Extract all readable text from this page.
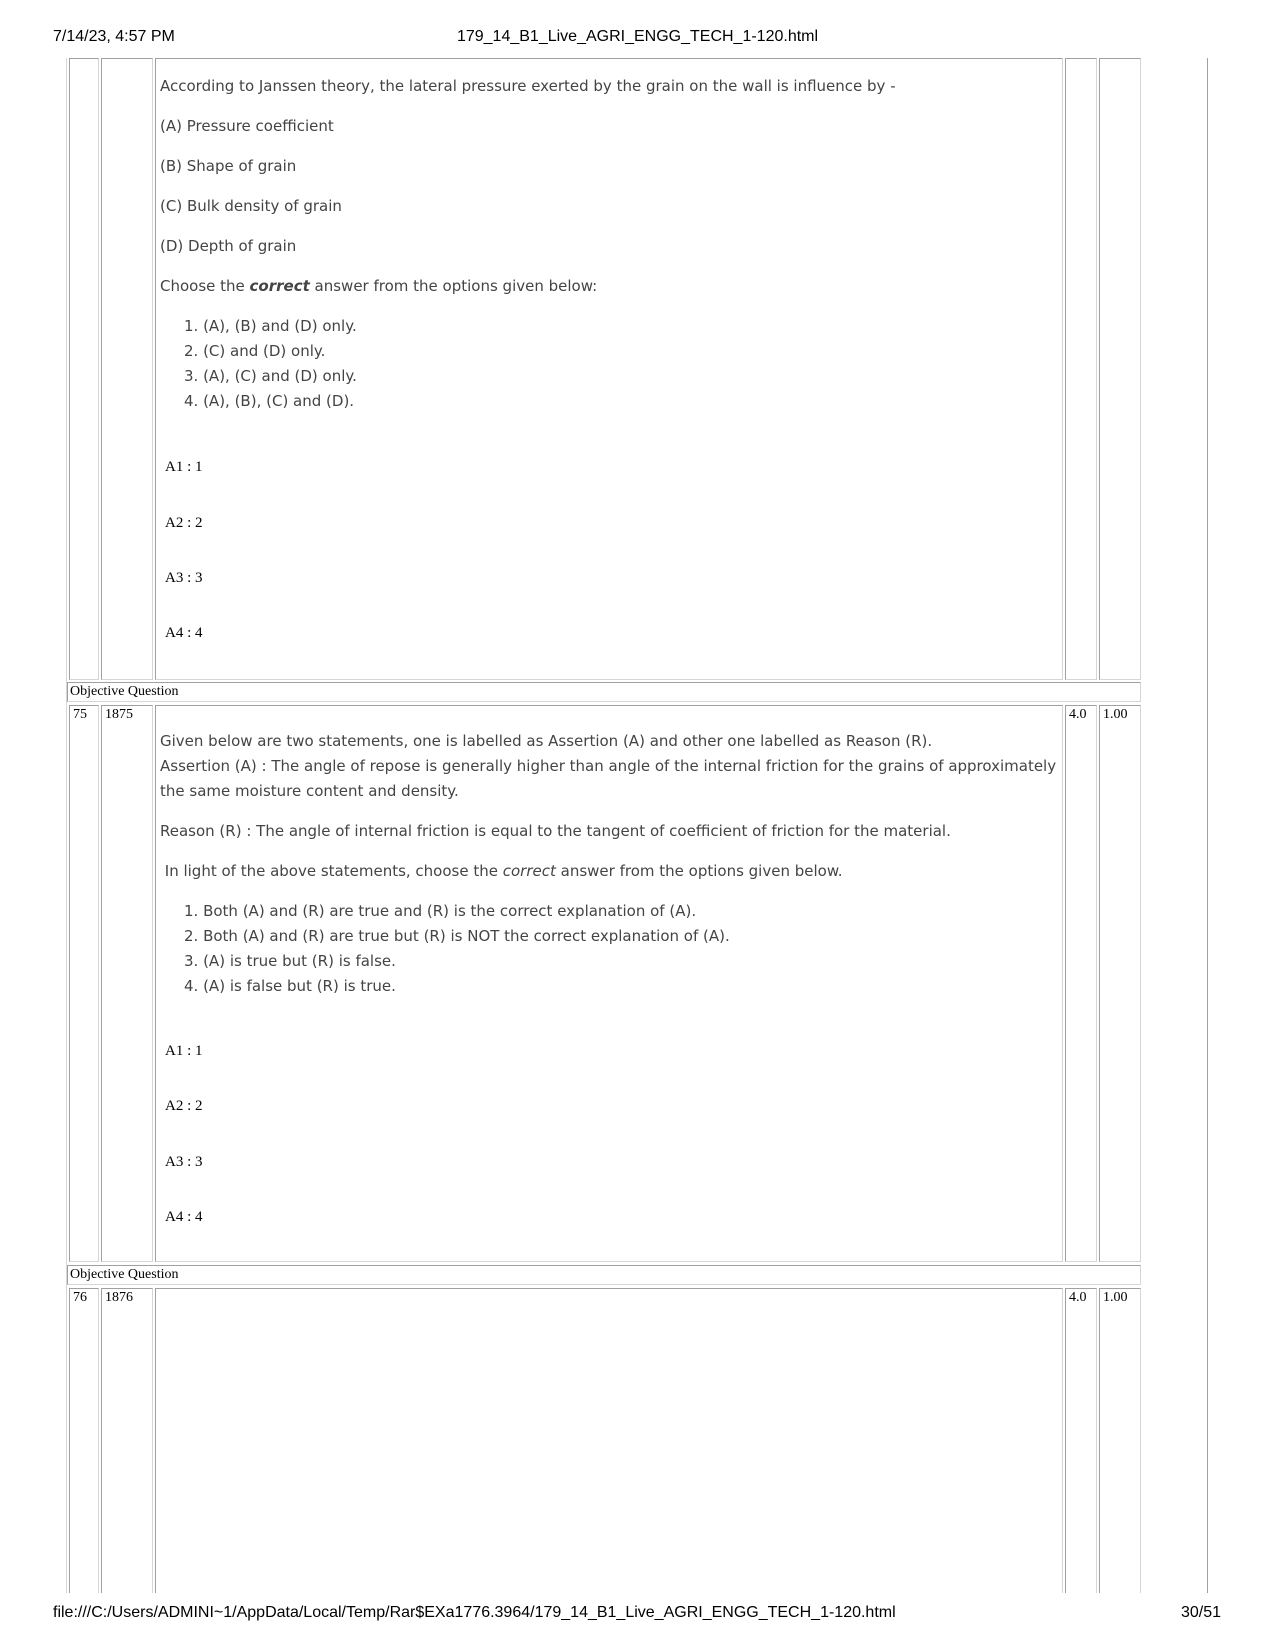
7/14/23, 4:57 PM	179_14_B1_Live_AGRI_ENGG_TECH_1-120.html

According to Janssen theory, the lateral pressure exerted by the grain on the wall is influence by -

(A) Pressure coefficient

(B) Shape of grain

(C) Bulk density of grain

(D) Depth of grain

Choose the correct answer from the options given below:

1. (A), (B) and (D) only.
2. (C) and (D) only.
3. (A), (C) and (D) only.
4. (A), (B), (C) and (D).
A1 : 1
A2 : 2
A3 : 3
A4 : 4
Objective Question
75	1875	4.0	1.00

Given below are two statements, one is labelled as Assertion (A) and other one labelled as Reason (R).

Assertion (A) : The angle of repose is generally higher than angle of the internal friction for the grains of approximately the same moisture content and density.

Reason (R) : The angle of internal friction is equal to the tangent of coefficient of friction for the material.

In light of the above statements, choose the correct answer from the options given below.

1. Both (A) and (R) are true and (R) is the correct explanation of (A).
2. Both (A) and (R) are true but (R) is NOT the correct explanation of (A).
3. (A) is true but (R) is false.
4. (A) is false but (R) is true.
A1 : 1
A2 : 2
A3 : 3
A4 : 4
Objective Question
76	1876	4.0	1.00
file:///C:/Users/ADMINI~1/AppData/Local/Temp/Rar$EXa1776.3964/179_14_B1_Live_AGRI_ENGG_TECH_1-120.html	30/51
